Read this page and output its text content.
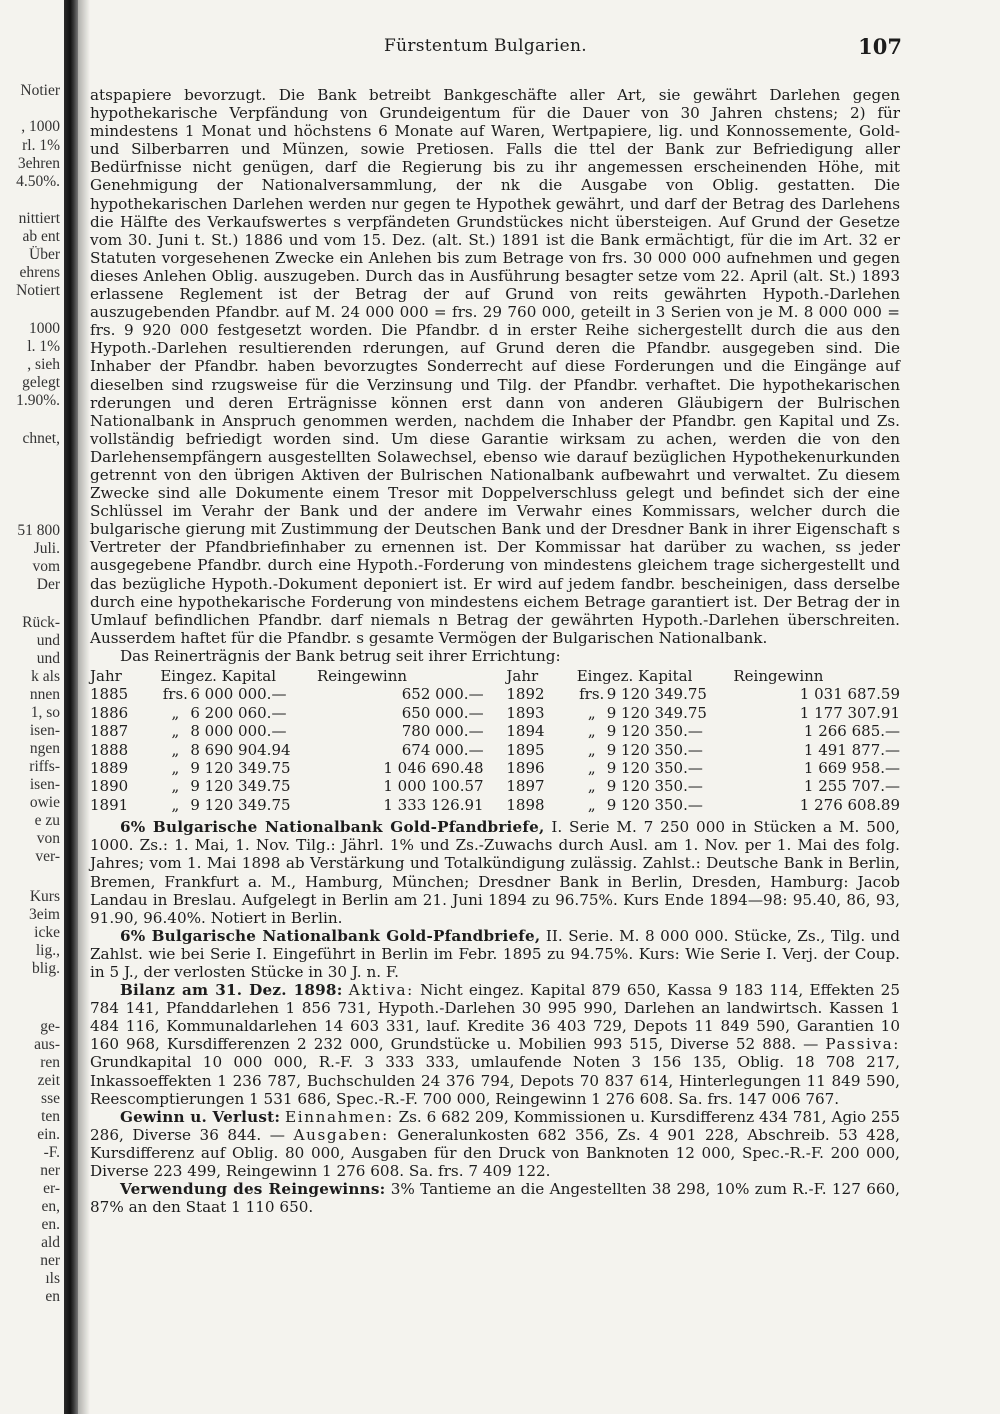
Notier
, 1000
rl. 1%
3ehren
4.50%.
nittiert
ab ent
Über
ehrens
Notiert
1000
l. 1%
, sieh
gelegt
1.90%.
chnet,
51 800
Juli.
vom
Der
Rück-
und
und
k als
nnen
1, so
isen-
ngen
riffs-
isen-
owie
e zu
von
ver-
Kurs
3eim
icke
lig.,
blig.
ge-
aus-
ren
zeit
sse
ten
ein.
-F.
ner
er-
en,
en.
ald
ner
ıls
en
Fürstentum Bulgarien.	107

atspapiere bevorzugt. Die Bank betreibt Bankgeschäfte aller Art, sie gewährt Darlehen gegen hypothekarische Verpfändung von Grundeigentum für die Dauer von 30 Jahren chstens; 2) für mindestens 1 Monat und höchstens 6 Monate auf Waren, Wertpapiere, lig. und Konnossemente, Gold- und Silberbarren und Münzen, sowie Pretiosen. Falls die ttel der Bank zur Befriedigung aller Bedürfnisse nicht genügen, darf die Regierung bis zu ihr angemessen erscheinenden Höhe, mit Genehmigung der Nationalversammlung, der nk die Ausgabe von Oblig. gestatten. Die hypothekarischen Darlehen werden nur gegen te Hypothek gewährt, und darf der Betrag des Darlehens die Hälfte des Verkaufswertes s verpfändeten Grundstückes nicht übersteigen. Auf Grund der Gesetze vom 30. Juni t. St.) 1886 und vom 15. Dez. (alt. St.) 1891 ist die Bank ermächtigt, für die im Art. 32 er Statuten vorgesehenen Zwecke ein Anlehen bis zum Betrage von frs. 30 000 000 aufnehmen und gegen dieses Anlehen Oblig. auszugeben. Durch das in Ausführung besagter setze vom 22. April (alt. St.) 1893 erlassene Reglement ist der Betrag der auf Grund von reits gewährten Hypoth.-Darlehen auszugebenden Pfandbr. auf M. 24 000 000 = frs. 29 760 000, geteilt in 3 Serien von je M. 8 000 000 = frs. 9 920 000 festgesetzt worden. Die Pfandbr. d in erster Reihe sichergestellt durch die aus den Hypoth.-Darlehen resultierenden rderungen, auf Grund deren die Pfandbr. ausgegeben sind. Die Inhaber der Pfandbr. haben bevorzugtes Sonderrecht auf diese Forderungen und die Eingänge auf dieselben sind rzugsweise für die Verzinsung und Tilg. der Pfandbr. verhaftet. Die hypothekarischen rderungen und deren Erträgnisse können erst dann von anderen Gläubigern der Bulrischen Nationalbank in Anspruch genommen werden, nachdem die Inhaber der Pfandbr. gen Kapital und Zs. vollständig befriedigt worden sind. Um diese Garantie wirksam zu achen, werden die von den Darlehensempfängern ausgestellten Solawechsel, ebenso wie darauf bezüglichen Hypothekenurkunden getrennt von den übrigen Aktiven der Bulrischen Nationalbank aufbewahrt und verwaltet. Zu diesem Zwecke sind alle Dokumente einem Tresor mit Doppelverschluss gelegt und befindet sich der eine Schlüssel im Verahr der Bank und der andere im Verwahr eines Kommissars, welcher durch die bulgarische gierung mit Zustimmung der Deutschen Bank und der Dresdner Bank in ihrer Eigenschaft s Vertreter der Pfandbriefinhaber zu ernennen ist. Der Kommissar hat darüber zu wachen, ss jeder ausgegebene Pfandbr. durch eine Hypoth.-Forderung von mindestens gleichem trage sichergestellt und das bezügliche Hypoth.-Dokument deponiert ist. Er wird auf jedem fandbr. bescheinigen, dass derselbe durch eine hypothekarische Forderung von mindestens eichem Betrage garantiert ist. Der Betrag der in Umlauf befindlichen Pfandbr. darf niemals n Betrag der gewährten Hypoth.-Darlehen überschreiten. Ausserdem haftet für die Pfandbr. s gesamte Vermögen der Bulgarischen Nationalbank.

Das Reinerträgnis der Bank betrug seit ihrer Errichtung:

Jahr	Eingez. Kapital	Reingewinn		Jahr	Eingez. Kapital	Reingewinn
1885	frs. 6 000 000.—	652 000.—		1892	frs. 9 120 349.75	1 031 687.59
1886	„ 6 200 060.—	650 000.—		1893	„ 9 120 349.75	1 177 307.91
1887	„ 8 000 000.—	780 000.—		1894	„ 9 120 350.—	1 266 685.—
1888	„ 8 690 904.94	674 000.—		1895	„ 9 120 350.—	1 491 877.—
1889	„ 9 120 349.75	1 046 690.48		1896	„ 9 120 350.—	1 669 958.—
1890	„ 9 120 349.75	1 000 100.57		1897	„ 9 120 350.—	1 255 707.—
1891	„ 9 120 349.75	1 333 126.91		1898	„ 9 120 350.—	1 276 608.89

6% Bulgarische Nationalbank Gold-Pfandbriefe, I. Serie M. 7 250 000 in Stücken a M. 500, 1000. Zs.: 1. Mai, 1. Nov. Tilg.: Jährl. 1% und Zs.-Zuwachs durch Ausl. am 1. Nov. per 1. Mai des folg. Jahres; vom 1. Mai 1898 ab Verstärkung und Totalkündigung zulässig. Zahlst.: Deutsche Bank in Berlin, Bremen, Frankfurt a. M., Hamburg, München; Dresdner Bank in Berlin, Dresden, Hamburg: Jacob Landau in Breslau. Aufgelegt in Berlin am 21. Juni 1894 zu 96.75%. Kurs Ende 1894—98: 95.40, 86, 93, 91.90, 96.40%. Notiert in Berlin.

6% Bulgarische Nationalbank Gold-Pfandbriefe, II. Serie. M. 8 000 000. Stücke, Zs., Tilg. und Zahlst. wie bei Serie I. Eingeführt in Berlin im Febr. 1895 zu 94.75%. Kurs: Wie Serie I. Verj. der Coup. in 5 J., der verlosten Stücke in 30 J. n. F.

Bilanz am 31. Dez. 1898: Aktiva: Nicht eingez. Kapital 879 650, Kassa 9 183 114, Effekten 25 784 141, Pfanddarlehen 1 856 731, Hypoth.-Darlehen 30 995 990, Darlehen an landwirtsch. Kassen 1 484 116, Kommunaldarlehen 14 603 331, lauf. Kredite 36 403 729, Depots 11 849 590, Garantien 10 160 968, Kursdifferenzen 2 232 000, Grundstücke u. Mobilien 993 515, Diverse 52 888. — Passiva: Grundkapital 10 000 000, R.-F. 3 333 333, umlaufende Noten 3 156 135, Oblig. 18 708 217, Inkassoeffekten 1 236 787, Buchschulden 24 376 794, Depots 70 837 614, Hinterlegungen 11 849 590, Reescomptierungen 1 531 686, Spec.-R.-F. 700 000, Reingewinn 1 276 608. Sa. frs. 147 006 767.

Gewinn u. Verlust: Einnahmen: Zs. 6 682 209, Kommissionen u. Kursdifferenz 434 781, Agio 255 286, Diverse 36 844. — Ausgaben: Generalunkosten 682 356, Zs. 4 901 228, Abschreib. 53 428, Kursdifferenz auf Oblig. 80 000, Ausgaben für den Druck von Banknoten 12 000, Spec.-R.-F. 200 000, Diverse 223 499, Reingewinn 1 276 608. Sa. frs. 7 409 122.

Verwendung des Reingewinns: 3% Tantieme an die Angestellten 38 298, 10% zum R.-F. 127 660, 87% an den Staat 1 110 650.
